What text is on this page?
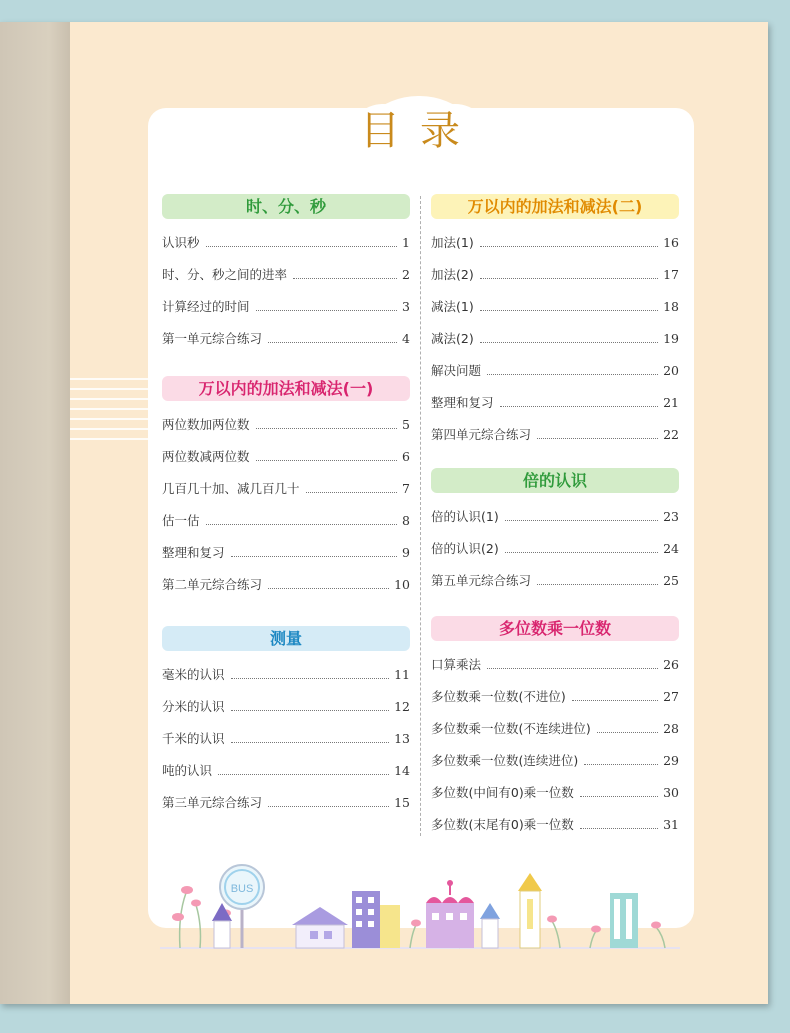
目录
时、分、秒
认识秒	1
时、分、秒之间的进率	2
计算经过的时间	3
第一单元综合练习	4
万以内的加法和减法(一)
两位数加两位数	5
两位数减两位数	6
几百几十加、减几百几十	7
估一估	8
整理和复习	9
第二单元综合练习	10
测量
毫米的认识	11
分米的认识	12
千米的认识	13
吨的认识	14
第三单元综合练习	15
万以内的加法和减法(二)
加法(1)	16
加法(2)	17
减法(1)	18
减法(2)	19
解决问题	20
整理和复习	21
第四单元综合练习	22
倍的认识
倍的认识(1)	23
倍的认识(2)	24
第五单元综合练习	25
多位数乘一位数
口算乘法	26
多位数乘一位数(不进位)	27
多位数乘一位数(不连续进位)	28
多位数乘一位数(连续进位)	29
多位数(中间有0)乘一位数	30
多位数(末尾有0)乘一位数	31
BUS
